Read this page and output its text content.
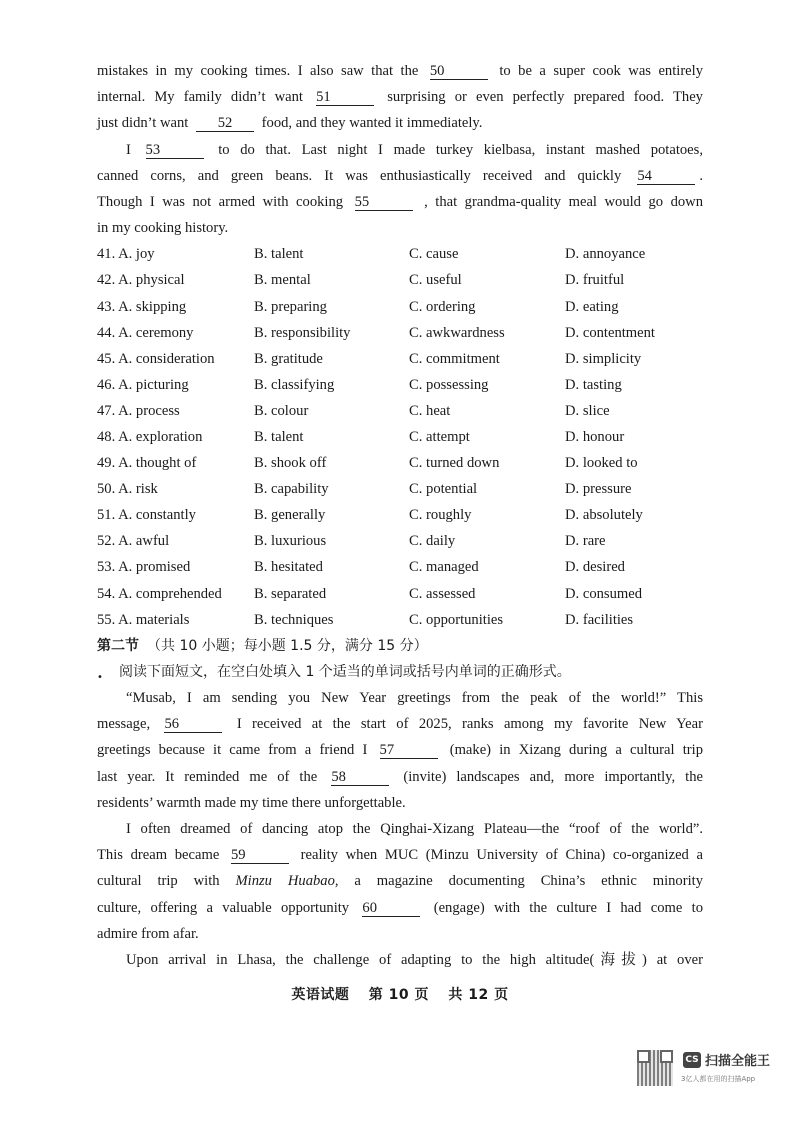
mistakes in my cooking times. I also saw that the 50	to be a super cook was entirely
internal. My family didn’t want 51	surprising or even perfectly prepared food. They
just didn’t want 52 food, and they wanted it immediately.
I 53	to do that. Last night I made turkey kielbasa, instant mashed potatoes,
canned corns, and green beans. It was enthusiastically received and quickly 54	.
Though I was not armed with cooking 55	, that grandma-quality meal would go down
in my cooking history.
41. A. joy	B. talent	C. cause	D. annoyance
42. A. physical	B. mental	C. useful	D. fruitful
43. A. skipping	B. preparing	C. ordering	D. eating
44. A. ceremony	B. responsibility	C. awkwardness	D. contentment
45. A. consideration	B. gratitude	C. commitment	D. simplicity
46. A. picturing	B. classifying	C. possessing	D. tasting
47. A. process	B. colour	C. heat	D. slice
48. A. exploration	B. talent	C. attempt	D. honour
49. A. thought of	B. shook off	C. turned down	D. looked to
50. A. risk	B. capability	C. potential	D. pressure
51. A. constantly	B. generally	C. roughly	D. absolutely
52. A. awful	B. luxurious	C. daily	D. rare
53. A. promised	B. hesitated	C. managed	D. desired
54. A. comprehended	B. separated	C. assessed	D. consumed
55. A. materials	B. techniques	C. opportunities	D. facilities
第二节 （共 10 小题；每小题 1.5 分，满分 15 分）
• 阅读下面短文，在空白处填入 1 个适当的单词或括号内单词的正确形式。
“Musab, I am sending you New Year greetings from the peak of the world!” This
message, 56	I received at the start of 2025, ranks among my favorite New Year
greetings because it came from a friend I 57	(make) in Xizang during a cultural trip
last year. It reminded me of the 58	(invite) landscapes and, more importantly, the
residents’ warmth made my time there unforgettable.
I often dreamed of dancing atop the Qinghai-Xizang Plateau—the “roof of the world”.
This dream became 59	reality when MUC (Minzu University of China) co-organized a
cultural trip with Minzu Huabao, a magazine documenting China’s ethnic minority
culture, offering a valuable opportunity 60	(engage) with the culture I had come to
admire from afar.
Upon arrival in Lhasa, the challenge of adapting to the high altitude(海拔) at over
英语试题 第 10 页 共 12 页
CS 扫描全能王
3亿人都在用的扫描App
